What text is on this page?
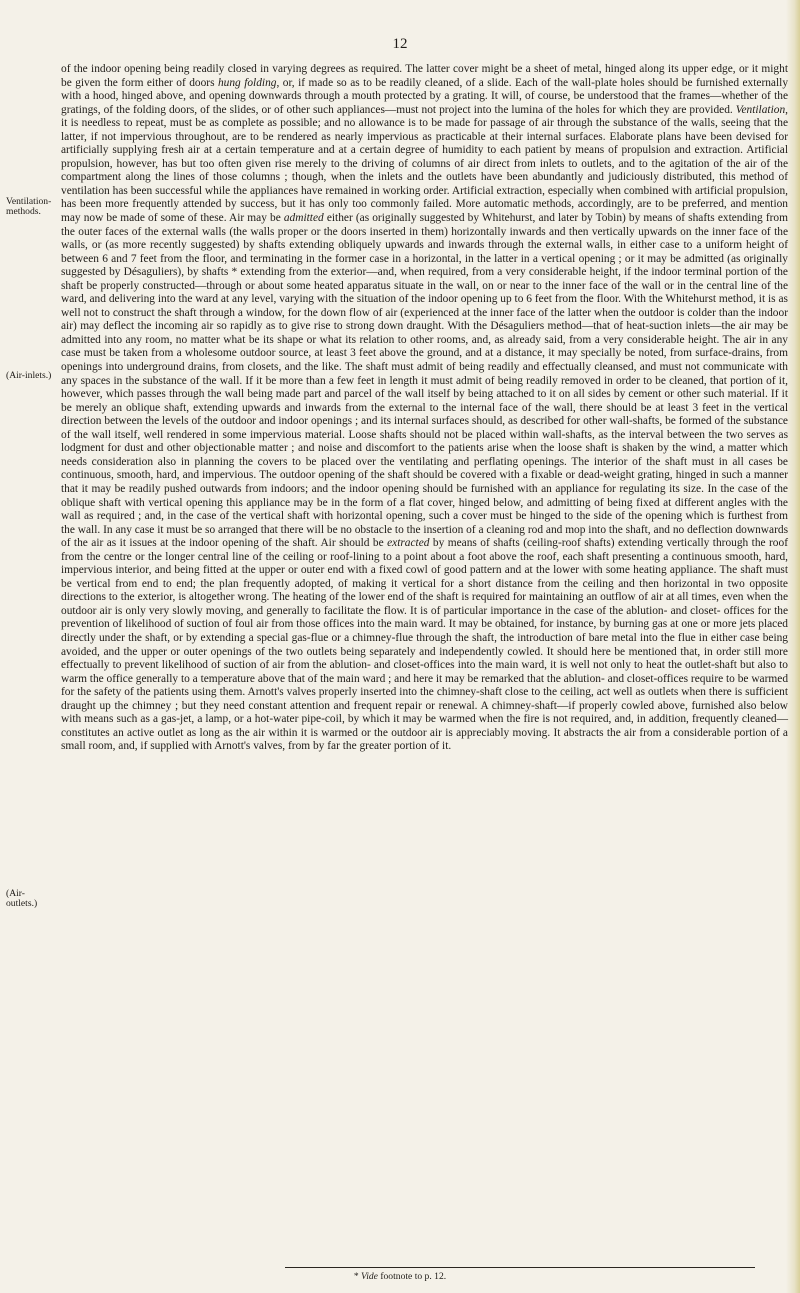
12
Ventilation-methods.
(Air-inlets.)
(Air-outlets.)
of the indoor opening being readily closed in varying degrees as required. The latter cover might be a sheet of metal, hinged along its upper edge, or it might be given the form either of doors hung folding, or, if made so as to be readily cleaned, of a slide. Each of the wall-plate holes should be furnished externally with a hood, hinged above, and opening downwards through a mouth protected by a grating. It will, of course, be understood that the frames—whether of the gratings, of the folding doors, of the slides, or of other such appliances—must not project into the lumina of the holes for which they are provided. Ventilation, it is needless to repeat, must be as complete as possible; and no allowance is to be made for passage of air through the substance of the walls, seeing that the latter, if not impervious throughout, are to be rendered as nearly impervious as practicable at their internal surfaces. Elaborate plans have been devised for artificially supplying fresh air at a certain temperature and at a certain degree of humidity to each patient by means of propulsion and extraction. Artificial propulsion, however, has but too often given rise merely to the driving of columns of air direct from inlets to outlets, and to the agitation of the air of the compartment along the lines of those columns ; though, when the inlets and the outlets have been abundantly and judiciously distributed, this method of ventilation has been successful while the appliances have remained in working order. Artificial extraction, especially when combined with artificial propulsion, has been more frequently attended by success, but it has only too commonly failed. More automatic methods, accordingly, are to be preferred, and mention may now be made of some of these. Air may be admitted either (as originally suggested by Whitehurst, and later by Tobin) by means of shafts extending from the outer faces of the external walls (the walls proper or the doors inserted in them) horizontally inwards and then vertically upwards on the inner face of the walls, or (as more recently suggested) by shafts extending obliquely upwards and inwards through the external walls, in either case to a uniform height of between 6 and 7 feet from the floor, and terminating in the former case in a horizontal, in the latter in a vertical opening ; or it may be admitted (as originally suggested by Désaguliers), by shafts * extending from the exterior—and, when required, from a very considerable height, if the indoor terminal portion of the shaft be properly constructed—through or about some heated apparatus situate in the wall, on or near to the inner face of the wall or in the central line of the ward, and delivering into the ward at any level, varying with the situation of the indoor opening up to 6 feet from the floor. With the Whitehurst method, it is as well not to construct the shaft through a window, for the down flow of air (experienced at the inner face of the latter when the outdoor is colder than the indoor air) may deflect the incoming air so rapidly as to give rise to strong down draught. With the Désaguliers method—that of heat-suction inlets—the air may be admitted into any room, no matter what be its shape or what its relation to other rooms, and, as already said, from a very considerable height. The air in any case must be taken from a wholesome outdoor source, at least 3 feet above the ground, and at a distance, it may specially be noted, from surface-drains, from openings into underground drains, from closets, and the like. The shaft must admit of being readily and effectually cleansed, and must not communicate with any spaces in the substance of the wall. If it be more than a few feet in length it must admit of being readily removed in order to be cleaned, that portion of it, however, which passes through the wall being made part and parcel of the wall itself by being attached to it on all sides by cement or other such material. If it be merely an oblique shaft, extending upwards and inwards from the external to the internal face of the wall, there should be at least 3 feet in the vertical direction between the levels of the outdoor and indoor openings ; and its internal surfaces should, as described for other wall-shafts, be formed of the substance of the wall itself, well rendered in some impervious material. Loose shafts should not be placed within wall-shafts, as the interval between the two serves as lodgment for dust and other objectionable matter ; and noise and discomfort to the patients arise when the loose shaft is shaken by the wind, a matter which needs consideration also in planning the covers to be placed over the ventilating and perflating openings. The interior of the shaft must in all cases be continuous, smooth, hard, and impervious. The outdoor opening of the shaft should be covered with a fixable or dead-weight grating, hinged in such a manner that it may be readily pushed outwards from indoors; and the indoor opening should be furnished with an appliance for regulating its size. In the case of the oblique shaft with vertical opening this appliance may be in the form of a flat cover, hinged below, and admitting of being fixed at different angles with the wall as required ; and, in the case of the vertical shaft with horizontal opening, such a cover must be hinged to the side of the opening which is furthest from the wall. In any case it must be so arranged that there will be no obstacle to the insertion of a cleaning rod and mop into the shaft, and no deflection downwards of the air as it issues at the indoor opening of the shaft. Air should be extracted by means of shafts (ceiling-roof shafts) extending vertically through the roof from the centre or the longer central line of the ceiling or roof-lining to a point about a foot above the roof, each shaft presenting a continuous smooth, hard, impervious interior, and being fitted at the upper or outer end with a fixed cowl of good pattern and at the lower with some heating appliance. The shaft must be vertical from end to end; the plan frequently adopted, of making it vertical for a short distance from the ceiling and then horizontal in two opposite directions to the exterior, is altogether wrong. The heating of the lower end of the shaft is required for maintaining an outflow of air at all times, even when the outdoor air is only very slowly moving, and generally to facilitate the flow. It is of particular importance in the case of the ablution- and closet- offices for the prevention of likelihood of suction of foul air from those offices into the main ward. It may be obtained, for instance, by burning gas at one or more jets placed directly under the shaft, or by extending a special gas-flue or a chimney-flue through the shaft, the introduction of bare metal into the flue in either case being avoided, and the upper or outer openings of the two outlets being separately and independently cowled. It should here be mentioned that, in order still more effectually to prevent likelihood of suction of air from the ablution- and closet-offices into the main ward, it is well not only to heat the outlet-shaft but also to warm the office generally to a temperature above that of the main ward ; and here it may be remarked that the ablution- and closet-offices require to be warmed for the safety of the patients using them. Arnott's valves properly inserted into the chimney-shaft close to the ceiling, act well as outlets when there is sufficient draught up the chimney ; but they need constant attention and frequent repair or renewal. A chimney-shaft—if properly cowled above, furnished also below with means such as a gas-jet, a lamp, or a hot-water pipe-coil, by which it may be warmed when the fire is not required, and, in addition, frequently cleaned—constitutes an active outlet as long as the air within it is warmed or the outdoor air is appreciably moving. It abstracts the air from a considerable portion of a small room, and, if supplied with Arnott's valves, from by far the greater portion of it.
* Vide footnote to p. 12.
